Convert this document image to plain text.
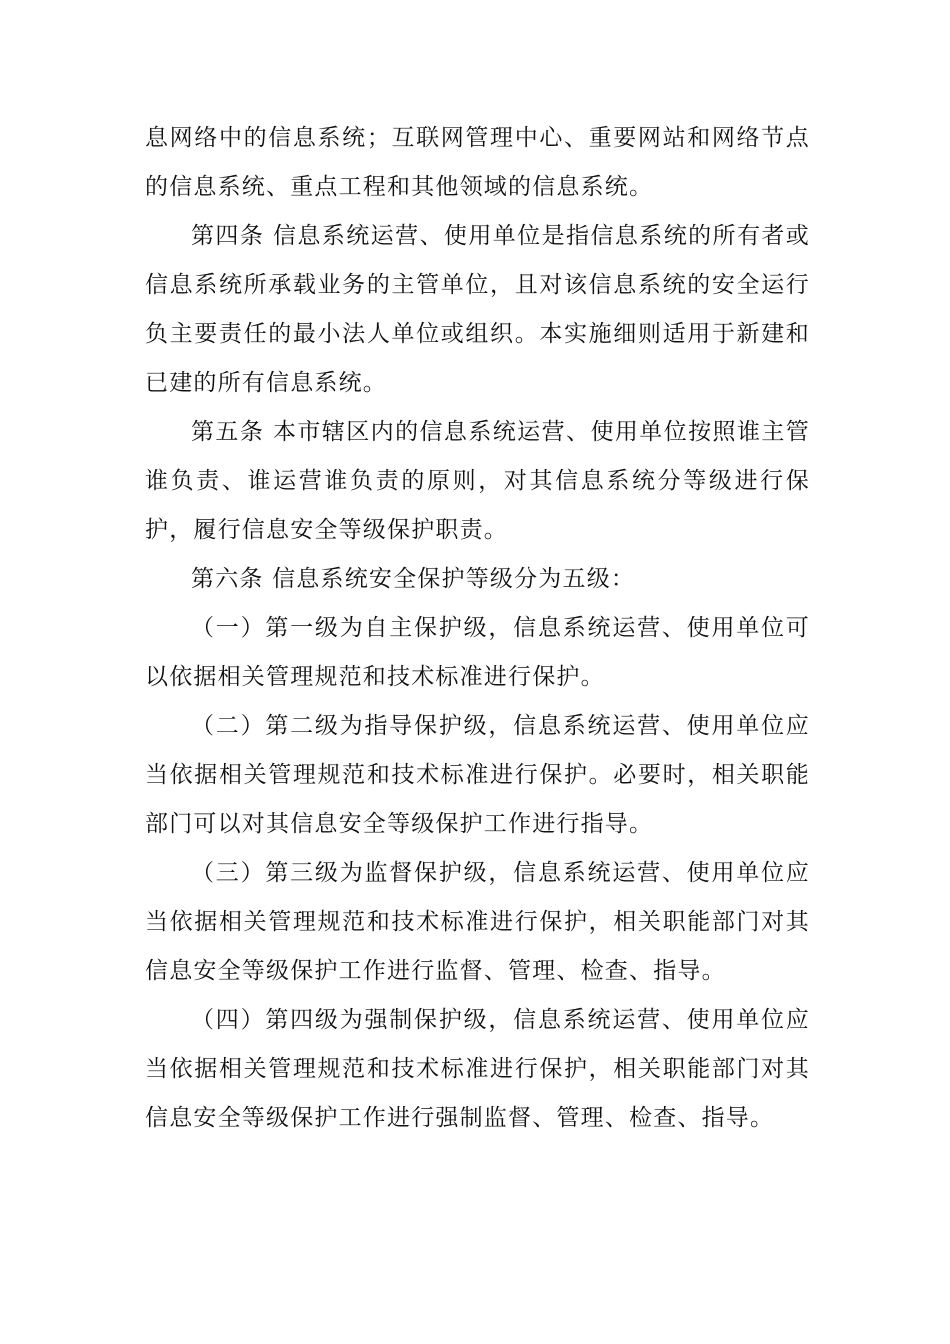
息网络中的信息系统；互联网管理中心、重要网站和网络节点的信息系统、重点工程和其他领域的信息系统。

第四条 信息系统运营、使用单位是指信息系统的所有者或信息系统所承载业务的主管单位，且对该信息系统的安全运行负主要责任的最小法人单位或组织。本实施细则适用于新建和已建的所有信息系统。

第五条 本市辖区内的信息系统运营、使用单位按照谁主管谁负责、谁运营谁负责的原则，对其信息系统分等级进行保护，履行信息安全等级保护职责。

第六条 信息系统安全保护等级分为五级：

（一）第一级为自主保护级，信息系统运营、使用单位可以依据相关管理规范和技术标准进行保护。

（二）第二级为指导保护级，信息系统运营、使用单位应当依据相关管理规范和技术标准进行保护。必要时，相关职能部门可以对其信息安全等级保护工作进行指导。

（三）第三级为监督保护级，信息系统运营、使用单位应当依据相关管理规范和技术标准进行保护，相关职能部门对其信息安全等级保护工作进行监督、管理、检查、指导。

（四）第四级为强制保护级，信息系统运营、使用单位应当依据相关管理规范和技术标准进行保护，相关职能部门对其信息安全等级保护工作进行强制监督、管理、检查、指导。
